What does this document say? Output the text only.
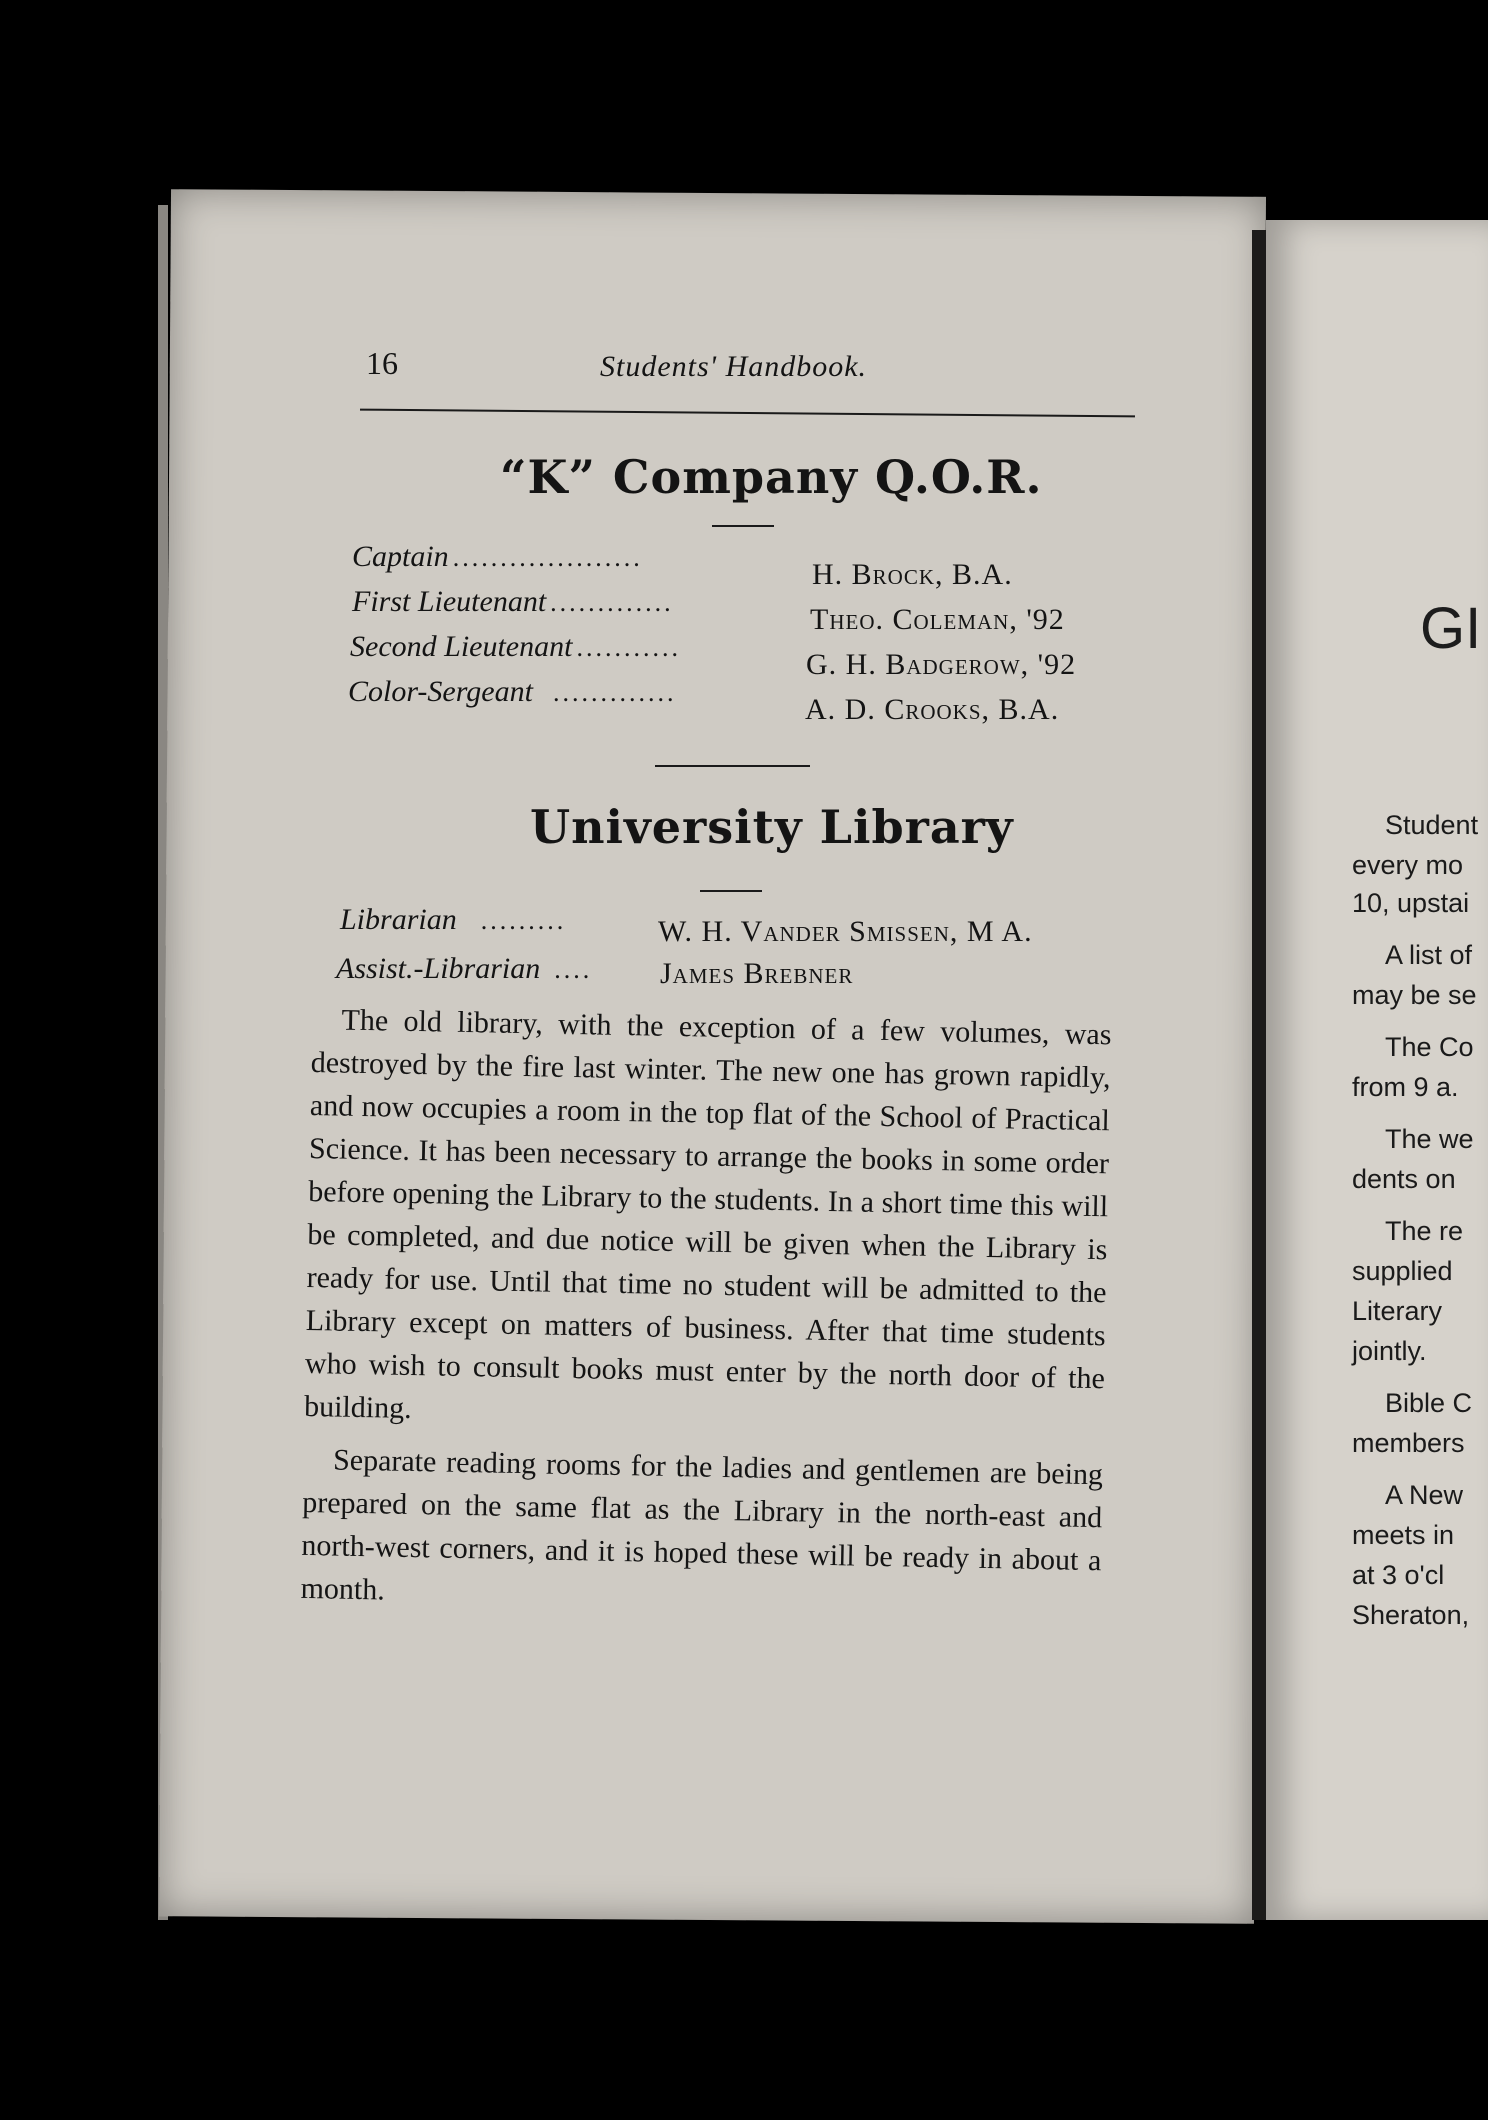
GI
Student
every mo
10, upstai
A list of
may be se
The Co
from 9 a.
The we
dents on
The re
supplied
Literary
jointly.
Bible C
members
A New
meets in
at 3 o'cl
Sheraton,
16	Students' Handbook.
“K” Company Q.O.R.
Captain ....................
H. Brock, B.A.
First Lieutenant .............
Theo. Coleman, '92
Second Lieutenant ...........
G. H. Badgerow, '92
Color-Sergeant .............
A. D. Crooks, B.A.
University Library
Librarian .........	W. H. Vander Smissen, M A.
Assist.-Librarian .... James Brebner

The old library, with the exception of a few volumes, was destroyed by the fire last winter. The new one has grown rapidly, and now occupies a room in the top flat of the School of Practical Science. It has been necessary to arrange the books in some order before opening the Library to the students. In a short time this will be completed, and due notice will be given when the Library is ready for use. Until that time no student will be admitted to the Library except on matters of business. After that time students who wish to consult books must enter by the north door of the building.

Separate reading rooms for the ladies and gentlemen are being prepared on the same flat as the Library in the north-east and north-west corners, and it is hoped these will be ready in about a month.
